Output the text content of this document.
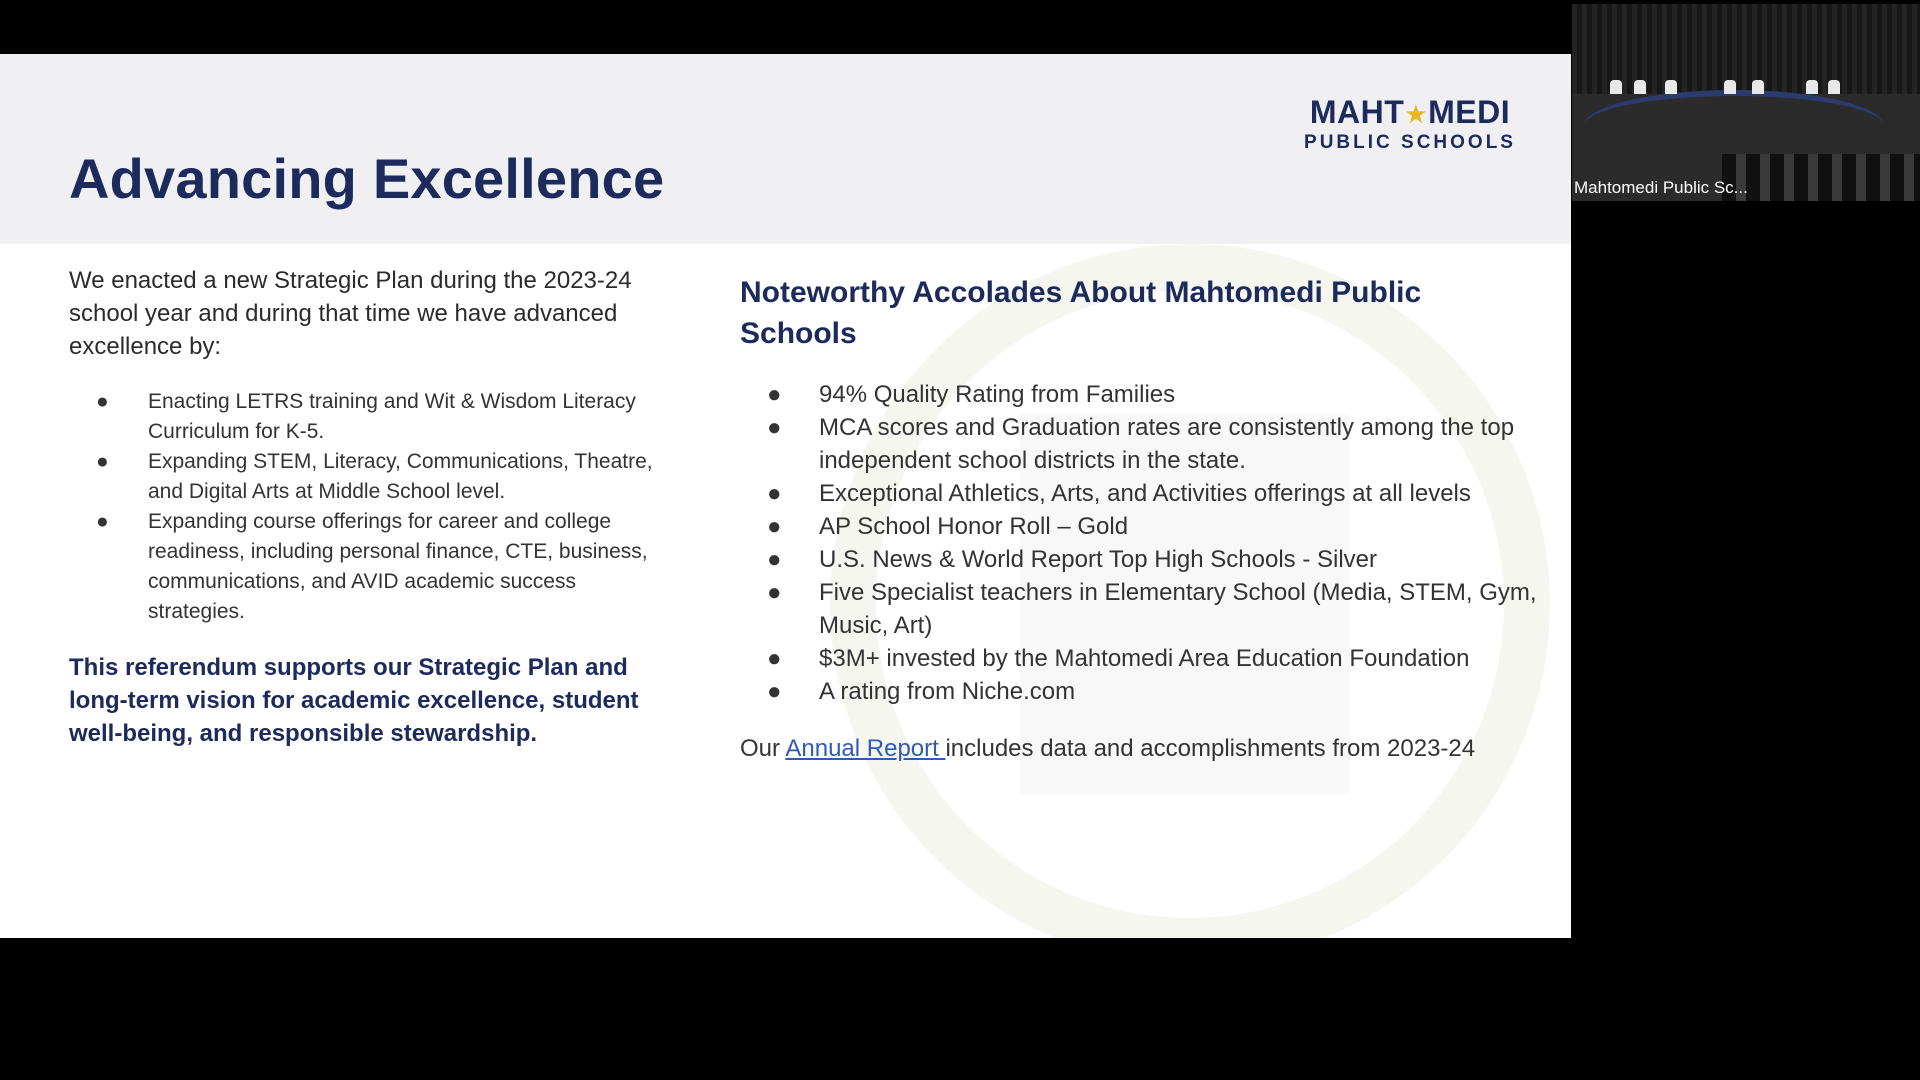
Advancing Excellence
MAHT★MEDI
PUBLIC SCHOOLS

We enacted a new Strategic Plan during the 2023-24 school year and during that time we have advanced excellence by:

● Enacting LETRS training and Wit & Wisdom Literacy Curriculum for K-5.
● Expanding STEM, Literacy, Communications, Theatre, and Digital Arts at Middle School level.
● Expanding course offerings for career and college readiness, including personal finance, CTE, business, communications, and AVID academic success strategies.

This referendum supports our Strategic Plan and long-term vision for academic excellence, student well-being, and responsible stewardship.

Noteworthy Accolades About Mahtomedi Public Schools
● 94% Quality Rating from Families
● MCA scores and Graduation rates are consistently among the top independent school districts in the state.
● Exceptional Athletics, Arts, and Activities offerings at all levels
● AP School Honor Roll – Gold
● U.S. News & World Report Top High Schools - Silver
● Five Specialist teachers in Elementary School (Media, STEM, Gym, Music, Art)
● $3M+ invested by the Mahtomedi Area Education Foundation
● A rating from Niche.com

Our Annual Report includes data and accomplishments from 2023-24

Mahtomedi Public Sc...
